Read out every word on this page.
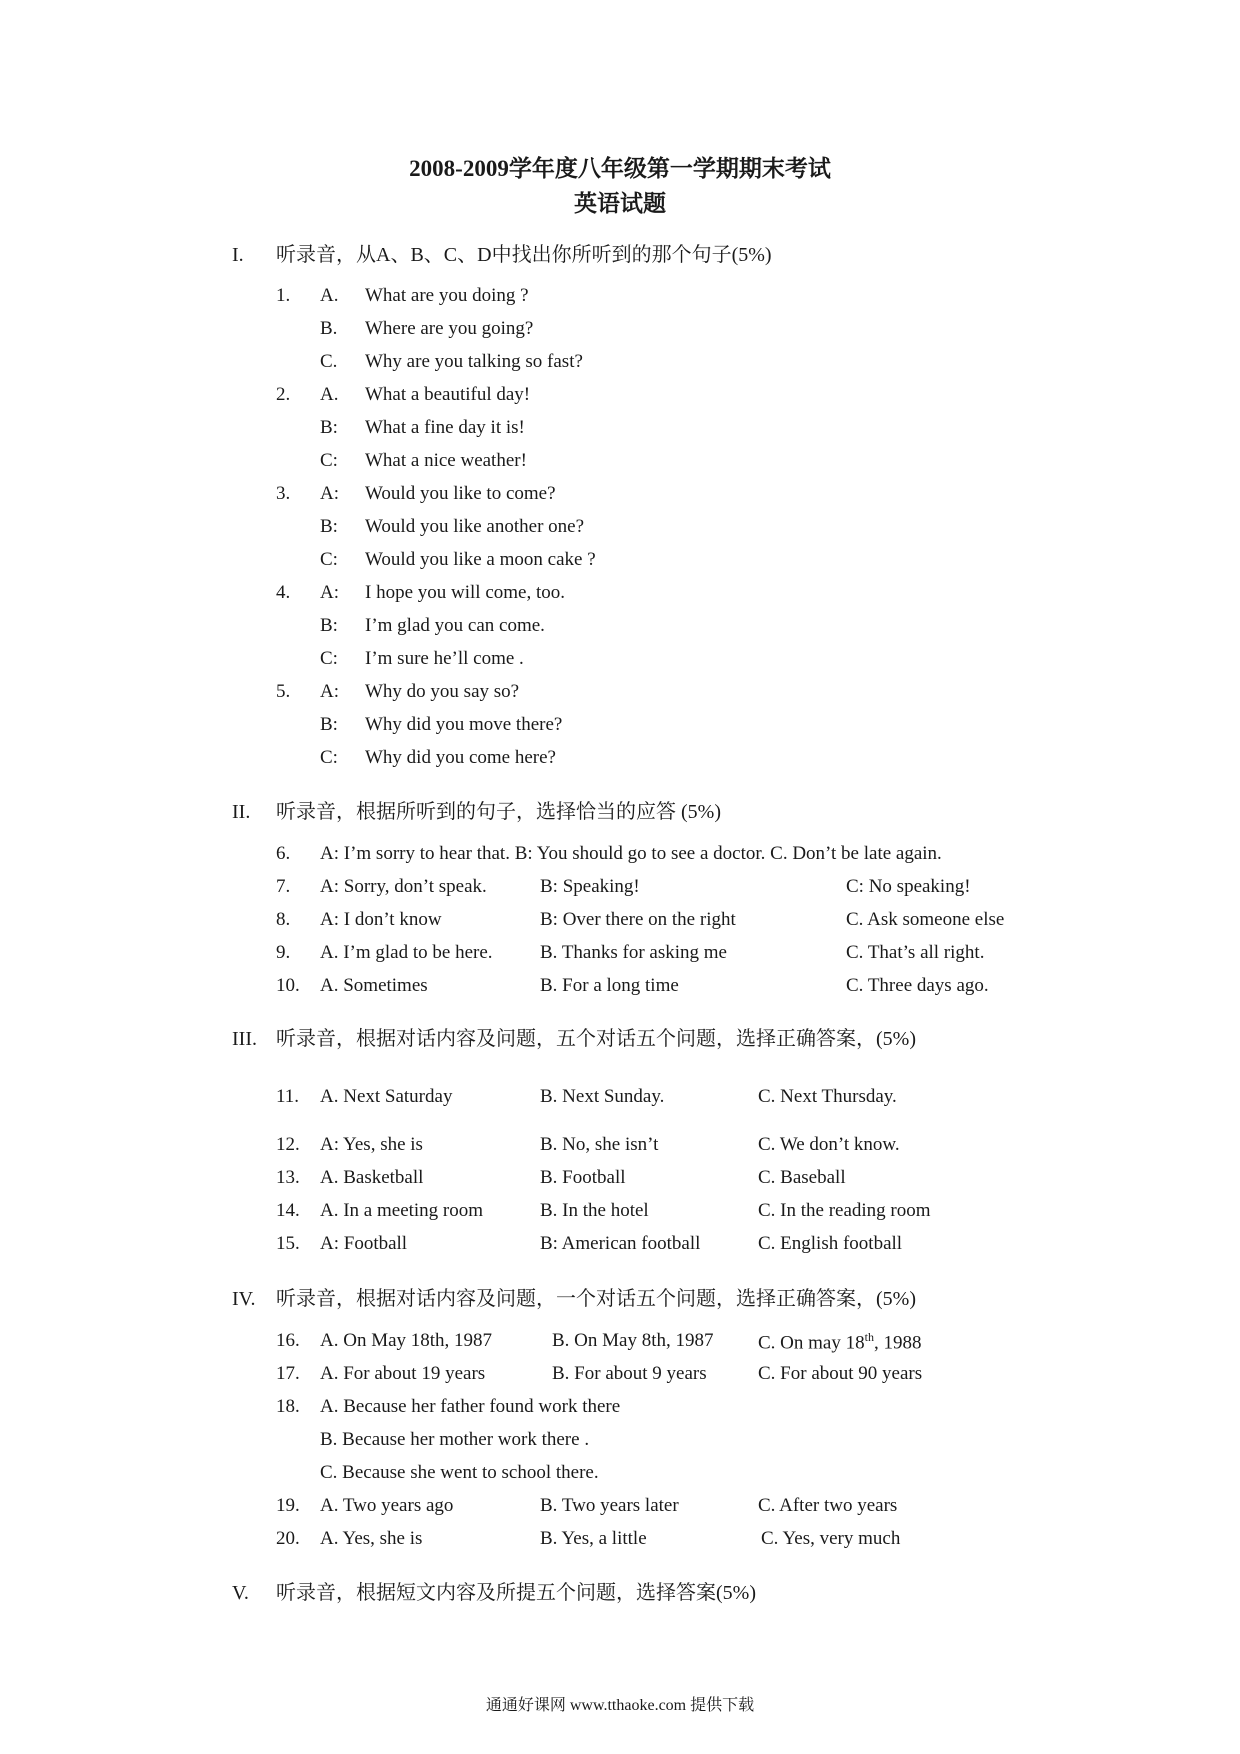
2008-2009学年度八年级第一学期期末考试
英语试题
I. 听录音，从A、B、C、D中找出你所听到的那个句子(5%)
1. A. What are you doing ?
B. Where are you going?
C. Why are you talking so fast?
2. A. What a beautiful day!
B: What a fine day it is!
C: What a nice weather!
3. A: Would you like to come?
B: Would you like another one?
C: Would you like a moon cake ?
4. A: I hope you will come, too.
B: I’m glad you can come.
C: I’m sure he’ll come .
5. A: Why do you say so?
B: Why did you move there?
C: Why did you come here?
II. 听录音，根据所听到的句子，选择恰当的应答 (5%)
6. A: I’m sorry to hear that. B: You should go to see a doctor. C. Don’t be late again.
7. A: Sorry, don’t speak.	B: Speaking!	C: No speaking!
8. A: I don’t know	B: Over there on the right	C. Ask someone else
9. A. I’m glad to be here. B. Thanks for asking me	C. That’s all right.
10. A. Sometimes	B. For a long time	C. Three days ago.
III. 听录音，根据对话内容及问题，五个对话五个问题，选择正确答案，(5%)
11. A. Next Saturday	B. Next Sunday.	C. Next Thursday.
12. A: Yes, she is	B. No, she isn’t	C. We don’t know.
13. A. Basketball	B. Football	C. Baseball
14. A. In a meeting room	B. In the hotel	C. In the reading room
15. A: Football	B: American football	C. English football
IV. 听录音，根据对话内容及问题，一个对话五个问题，选择正确答案，(5%)
16. A. On May 18th, 1987	B. On May 8th, 1987 C. On may 18th, 1988
17. A. For about 19 years	B. For about 9 years	C. For about 90 years
18. A. Because her father found work there
B. Because her mother work there .
C. Because she went to school there.
19. A. Two years ago	B. Two years later	C. After two years
20. A. Yes, she is	B. Yes, a little	C. Yes, very much
V. 听录音，根据短文内容及所提五个问题，选择答案(5%)
通通好课网 www.tthaoke.com 提供下载
